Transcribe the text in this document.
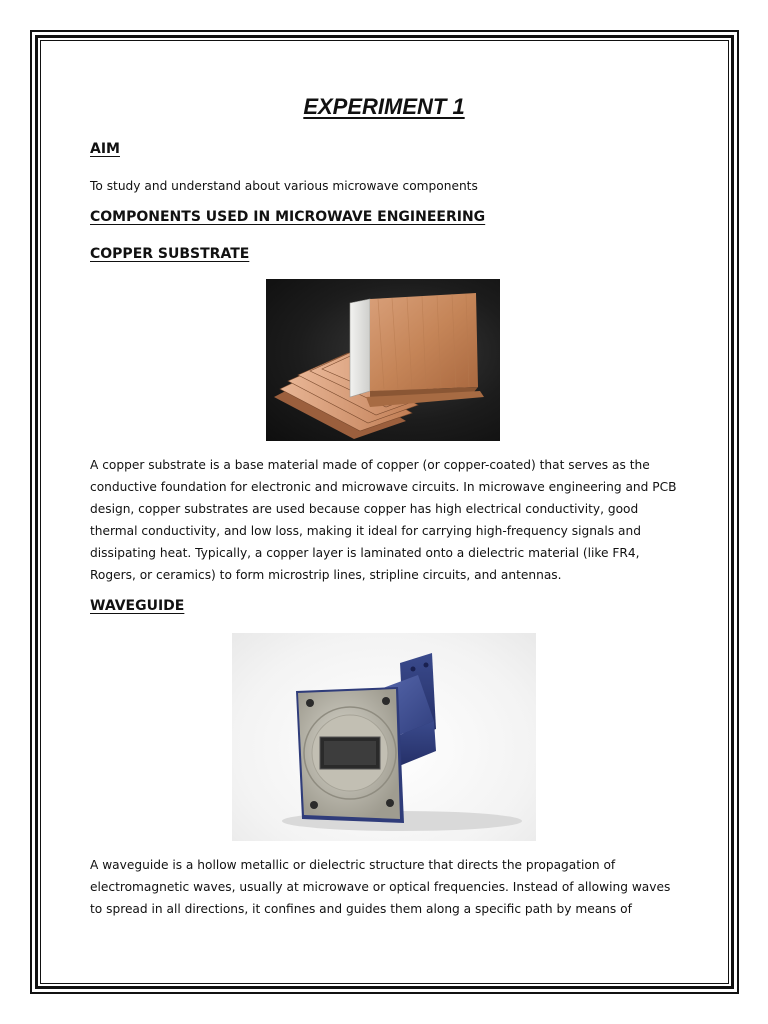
EXPERIMENT 1
AIM

To study and understand about various microwave components

COMPONENTS USED IN MICROWAVE ENGINEERING
COPPER SUBSTRATE

A copper substrate is a base material made of copper (or copper-coated) that serves as the conductive foundation for electronic and microwave circuits. In microwave engineering and PCB design, copper substrates are used because copper has high electrical conductivity, good thermal conductivity, and low loss, making it ideal for carrying high-frequency signals and dissipating heat. Typically, a copper layer is laminated onto a dielectric material (like FR4, Rogers, or ceramics) to form microstrip lines, stripline circuits, and antennas.

WAVEGUIDE

A waveguide is a hollow metallic or dielectric structure that directs the propagation of electromagnetic waves, usually at microwave or optical frequencies. Instead of allowing waves to spread in all directions, it confines and guides them along a specific path by means of
